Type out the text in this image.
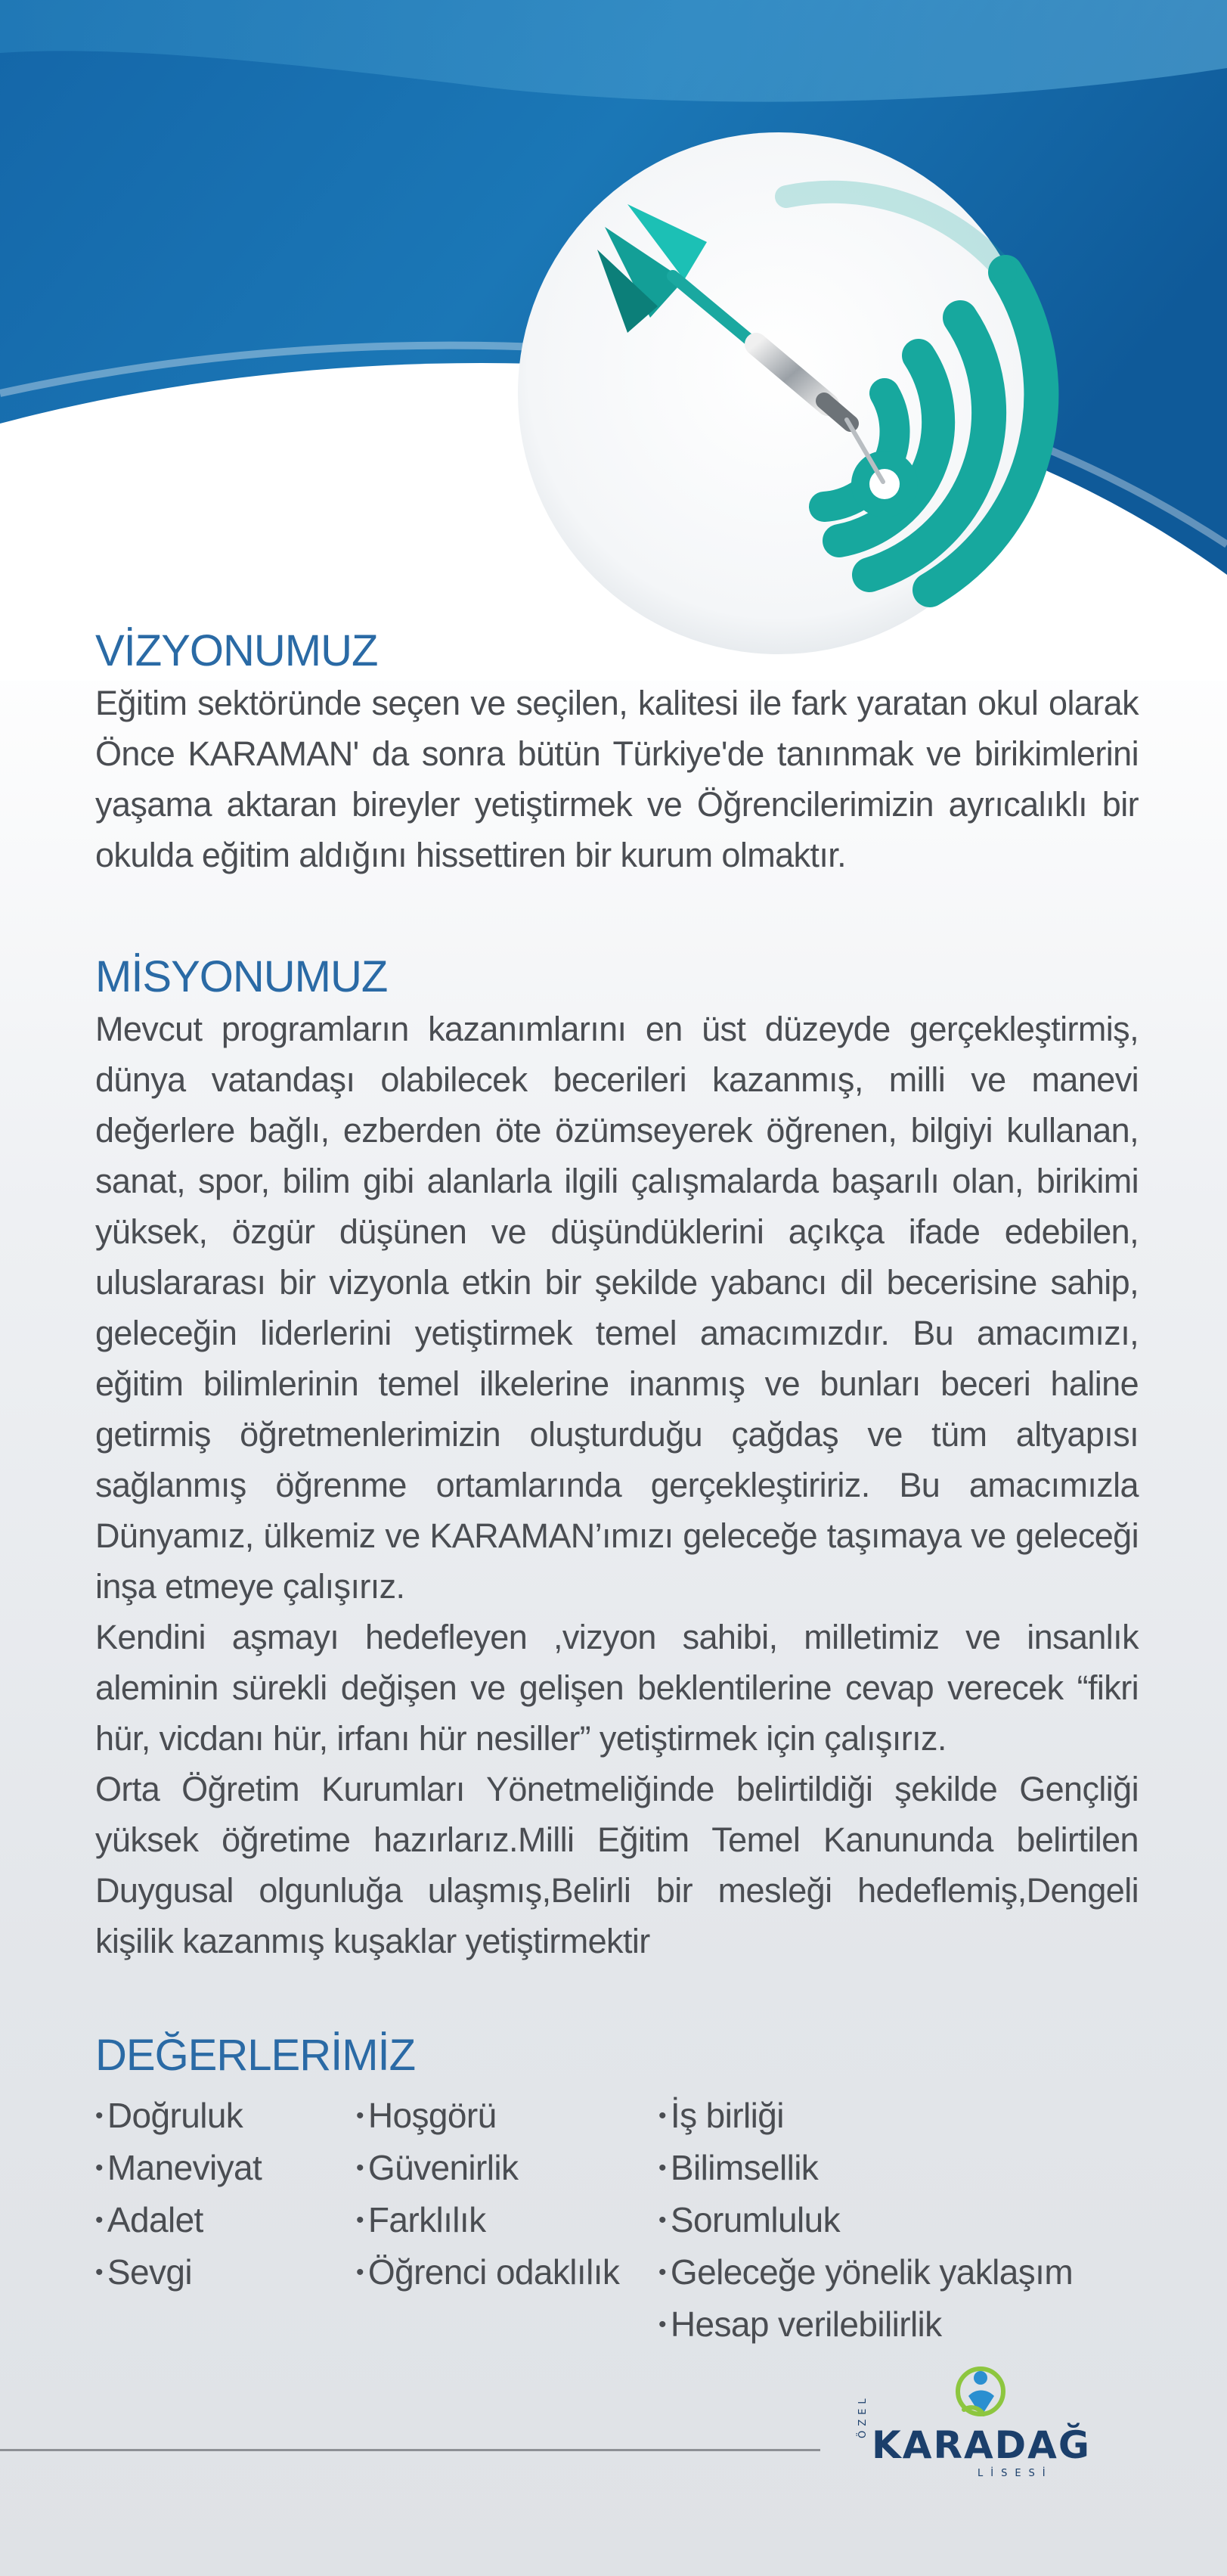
VİZYONUMUZ

Eğitim sektöründe seçen ve seçilen, kalitesi ile fark yaratan okul olarak Önce KARAMAN' da sonra bütün Türkiye'de tanınmak ve birikimlerini yaşama aktaran bireyler yetiştirmek ve Öğrencilerimizin ayrıcalıklı bir okulda eğitim aldığını hissettiren bir kurum olmaktır.

MİSYONUMUZ

Mevcut programların kazanımlarını en üst düzeyde gerçekleştirmiş, dünya vatandaşı olabilecek becerileri kazanmış, milli ve manevi değerlere bağlı, ezberden öte özümseyerek öğrenen, bilgiyi kullanan, sanat, spor, bilim gibi alanlarla ilgili çalışmalarda başarılı olan, birikimi yüksek, özgür düşünen ve düşündüklerini açıkça ifade edebilen, uluslararası bir vizyonla etkin bir şekilde yabancı dil becerisine sahip, geleceğin liderlerini yetiştirmek temel amacımızdır. Bu amacımızı, eğitim bilimlerinin temel ilkelerine inanmış ve bunları beceri haline getirmiş öğretmenlerimizin oluşturduğu çağdaş ve tüm altyapısı sağlanmış öğrenme ortamlarında gerçekleştiririz. Bu amacımızla Dünyamız, ülkemiz ve KARAMAN’ımızı geleceğe taşımaya ve geleceği inşa etmeye çalışırız.

Kendini aşmayı hedefleyen ,vizyon sahibi, milletimiz ve insanlık aleminin sürekli değişen ve gelişen beklentilerine cevap verecek “fikri hür, vicdanı hür, irfanı hür nesiller” yetiştirmek için çalışırız.

Orta Öğretim Kurumları Yönetmeliğinde belirtildiği şekilde Gençliği yüksek öğretime hazırlarız.Milli Eğitim Temel Kanununda belirtilen Duygusal olgunluğa ulaşmış,Belirli bir mesleği hedeflemiş,Dengeli kişilik kazanmış kuşaklar yetiştirmektir

DEĞERLERİMİZ
• Doğruluk
• Maneviyat
• Adalet
• Sevgi
• Hoşgörü
• Güvenirlik
• Farklılık
• Öğrenci odaklılık
• İş birliği
• Bilimsellik
• Sorumluluk
• Geleceğe yönelik yaklaşım
• Hesap verilebilirlik
ÖZEL
KARADAĞ
LİSESİ
